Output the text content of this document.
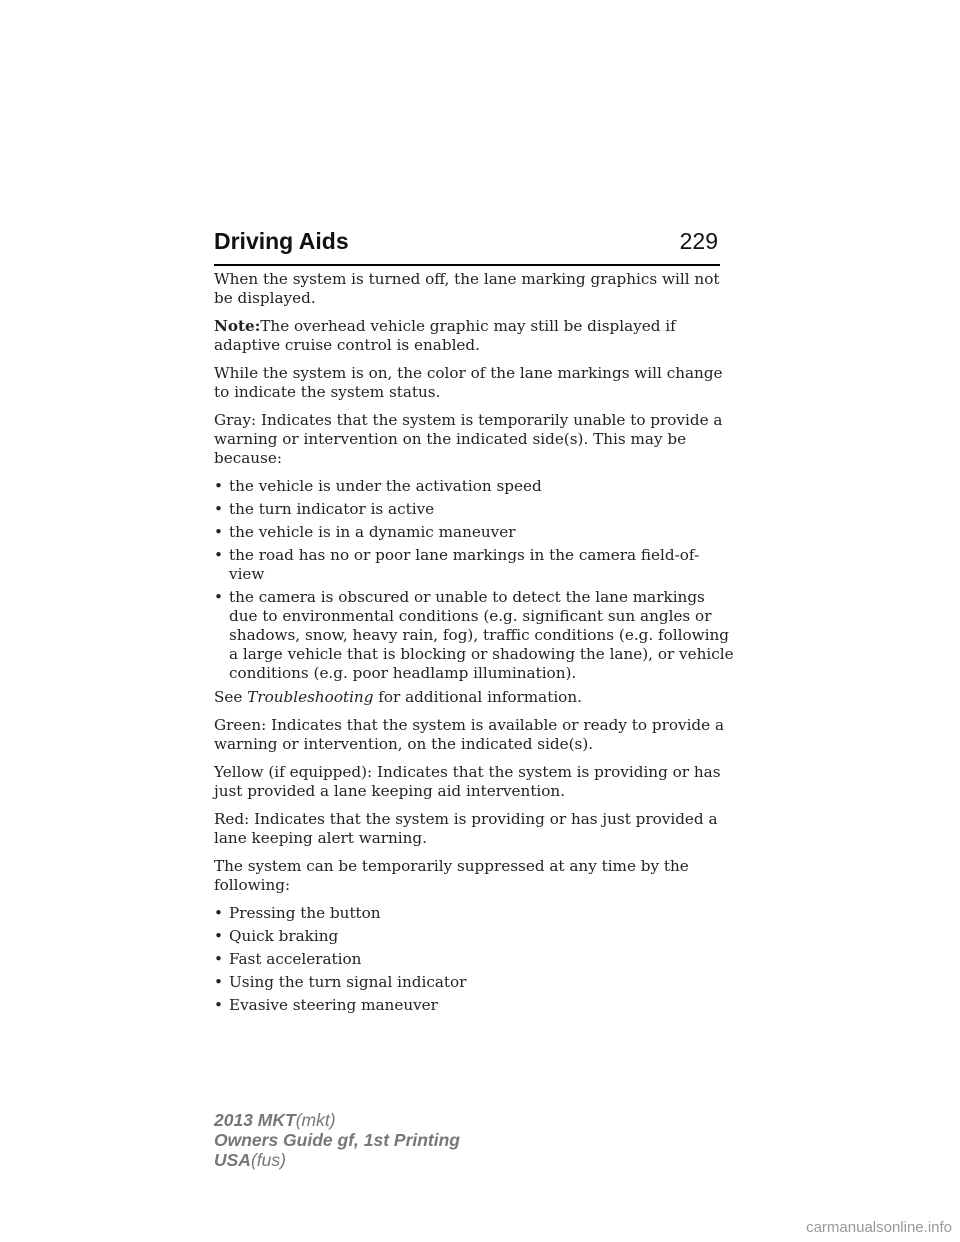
Driving Aids	229

When the system is turned off, the lane marking graphics will not be displayed.

Note:The overhead vehicle graphic may still be displayed if adaptive cruise control is enabled.

While the system is on, the color of the lane markings will change to indicate the system status.

Gray: Indicates that the system is temporarily unable to provide a warning or intervention on the indicated side(s). This may be because:

• the vehicle is under the activation speed
• the turn indicator is active
• the vehicle is in a dynamic maneuver
• the road has no or poor lane markings in the camera field-of-view
• the camera is obscured or unable to detect the lane markings due to environmental conditions (e.g. significant sun angles or shadows, snow, heavy rain, fog), traffic conditions (e.g. following a large vehicle that is blocking or shadowing the lane), or vehicle conditions (e.g. poor headlamp illumination).

See Troubleshooting for additional information.

Green: Indicates that the system is available or ready to provide a warning or intervention, on the indicated side(s).

Yellow (if equipped): Indicates that the system is providing or has just provided a lane keeping aid intervention.

Red: Indicates that the system is providing or has just provided a lane keeping alert warning.

The system can be temporarily suppressed at any time by the following:

• Pressing the button
• Quick braking
• Fast acceleration
• Using the turn signal indicator
• Evasive steering maneuver
2013 MKT(mkt)
Owners Guide gf, 1st Printing
USA(fus)
carmanualsonline.info
